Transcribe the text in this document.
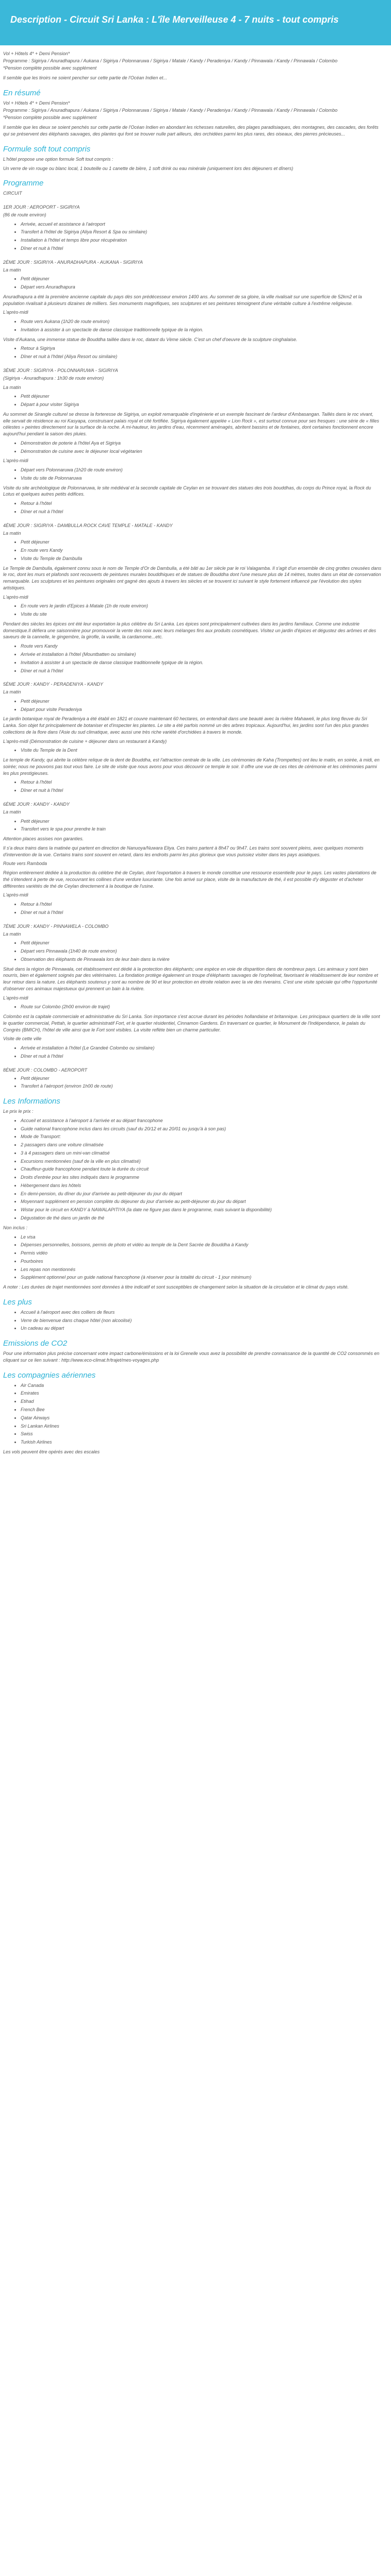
Description - Circuit Sri Lanka : L'île Merveilleuse 4 - 7 nuits - tout compris

Vol + Hôtels 4* + Demi Pension*

Programme : Sigiriya / Anuradhapura / Aukana / Sigiriya / Polonnaruwa / Sigiriya / Matale / Kandy / Peradeniya / Kandy / Pinnawala / Kandy / Pinnawala / Colombo

*Pension complète possible avec supplément

Il semble que les tiroirs ne soient pencher sur cette partie de l'Océan Indien et...

En résumé

Vol + Hôtels 4* + Demi Pension*

Programme : Sigiriya / Anuradhapura / Aukana / Sigiriya / Polonnaruwa / Sigiriya / Matale / Kandy / Peradeniya / Kandy / Pinnawala / Kandy / Pinnawala / Colombo

*Pension complète possible avec supplément

Il semble que les dieux se soient penchés sur cette partie de l'Océan Indien en abondant les richesses naturelles, des plages paradisiaques, des montagnes, des cascades, des forêts qui se préservent des éléphants sauvages, des plantes qui font se trouver nulle part ailleurs, des orchidées parmi les plus rares, des oiseaux, des pierres précieuses...

Formule soft tout compris

L'hôtel propose une option formule Soft tout compris :

Un verre de vin rouge ou blanc local, 1 bouteille ou 1 canette de bière, 1 soft drink ou eau minérale (uniquement lors des déjeuners et dîners)

Programme
CIRCUIT
1ER JOUR : AEROPORT - SIGIRIYA

(86 de route environ)

• Arrivée, accueil et assistance à l'aéroport
• Transfert à l'hôtel de Sigiriya (Aliya Resort & Spa ou similaire)
• Installation à l'hôtel et temps libre pour récupération
• Dîner et nuit à l'hôtel
2ÈME JOUR : SIGIRIYA - ANURADHAPURA - AUKANA - SIGIRIYA

La matin

• Petit déjeuner
• Départ vers Anuradhapura

Anuradhapura a été la première ancienne capitale du pays dès son prédécesseur environ 1400 ans. Au sommet de sa gloire, la ville rivalisait sur une superficie de 52km2 et la population rivalisait à plusieurs dizaines de milliers. Ses monuments magnifiques, ses sculptures et ses peintures témoignent d'une véritable culture à l'extrême religieuse.

L'après-midi

• Route vers Aukana (1h20 de route environ)
• Invitation à assister à un spectacle de danse classique traditionnelle typique de la région.

Visite d'Aukana, une immense statue de Bouddha taillée dans le roc, datant du Vème siècle. C'est un chef d'oeuvre de la sculpture cinghalaise.

• Retour à Sigiriya
• Dîner et nuit à l'hôtel (Aliya Resort ou similaire)
3ÈME JOUR : SIGIRIYA - POLONNARUWA - SIGIRIYA

(Sigiriya - Anuradhapura : 1h30 de route environ)

La matin

• Petit déjeuner
• Départ à pour visiter Sigiriya

Au sommet de Sirangle culturel se dresse la forteresse de Sigiriya, un exploit remarquable d'ingénierie et un exemple fascinant de l'ardeur d'Ambasangan. Taillés dans le roc vivant, elle servait de résidence au roi Kasyapa, construisant palais royal et cité fortifiée. Sigiriya également appelée « Lion Rock », est surtout connue pour ses fresques : une série de « filles célestes » peintes directement sur la surface de la roche. A mi-hauteur, les jardins d'eau, récemment aménagés, abritent bassins et de fontaines, dont certaines fonctionnent encore aujourd'hui pendant la saison des pluies.

• Démonstration de poterie à l'hôtel Aya et Sigiriya
• Démonstration de cuisine avec le déjeuner local végétarien

L'après-midi

• Départ vers Polonnaruwa (1h20 de route environ)
• Visite du site de Polonnaruwa

Visite du site archéologique de Polonnaruwa, le site médiéval et la seconde capitale de Ceylan en se trouvant des statues des trois bouddhas, du corps du Prince royal, la Rock du Lotus et quelques autres petits édifices.

• Retour à l'hôtel
• Dîner et nuit à l'hôtel
4ÈME JOUR : SIGIRIYA - DAMBULLA ROCK CAVE TEMPLE - MATALE - KANDY

La matin

• Petit déjeuner
• En route vers Kandy
• Visite du Temple de Dambulla

Le Temple de Dambulla, également connu sous le nom de Temple d'Or de Dambulla, a été bâti au 1er siècle par le roi Valagamba. Il s'agit d'un ensemble de cinq grottes creusées dans le roc, dont les murs et plafonds sont recouverts de peintures murales bouddhiques et de statues de Bouddha dont l'une mesure plus de 14 mètres, toutes dans un état de conservation remarquable. Les sculptures et les peintures originales ont gagné des ajouts à travers les siècles et se trouvent ici suivant le style fortement influencé par l'évolution des styles artistiques.

L'après-midi

• En route vers le jardin d'Epices à Matale (1h de route environ)
• Visite du site

Pendant des siècles les épices ont été leur exportation la plus célèbre du Sri Lanka. Les épices sont principalement cultivées dans les jardins familiaux. Comme une industrie domestique.Il défiera une saisonnière pour promouvoir la vente des noix avec leurs mélanges fins aux produits cosmétiques. Visitez un jardin d'épices et dégustez des arômes et des saveurs de la cannelle, le gingembre, la girofle, la vanille, la cardamome...etc.

• Route vers Kandy
• Arrivée et installation à l'hôtel (Mountbatten ou similaire)
• Invitation à assister à un spectacle de danse classique traditionnelle typique de la région.
• Dîner et nuit à l'hôtel
5ÈME JOUR : KANDY - PERADENIYA - KANDY

La matin

• Petit déjeuner
• Départ pour visite Peradeniya

Le jardin botanique royal de Peradeniya a été établi en 1821 et couvre maintenant 60 hectares, on entendrait dans une beauté avec la rivière Mahaweli, le plus long fleuve du Sri Lanka. Son objet fut principalement de botaniser et d'inspecter les plantes. Le site a été parfois nommé un des arbres tropicaux. Aujourd'hui, les jardins sont l'un des plus grandes collections de la flore dans l'Asie du sud climatique, avec aussi une très riche variété d'orchidées à travers le monde.

L'après-midi (Démonstration de cuisine + déjeuner dans un restaurant à Kandy)

• Visite du Temple de la Dent

Le temple de Kandy, qui abrite la célèbre relique de la dent de Bouddha, est l'attraction centrale de la ville. Les cérémonies de Kaha (Trompettes) ont lieu le matin, en soirée, à midi, en soirée; nous ne pouvons pas tout vous faire. Le site de visite que nous avons pour vous découvrir ce temple le soir. Il offre une vue de ces rites de cérémonie et les cérémonies parmi les plus prestigieuses.

• Retour à l'hôtel
• Dîner et nuit à l'hôtel
6ÈME JOUR : KANDY - KANDY

La matin

• Petit déjeuner
• Transfert vers le spa pour prendre le train

Attention places assises non garanties.

Il s'a deux trains dans la matinée qui partent en direction de Nanuoya/Nuwara Eliya. Ces trains partent à 8h47 ou 9h47. Les trains sont souvent pleins, avec quelques moments d'intervention de la vue. Certains trains sont souvent en retard, dans les endroits parmi les plus glorieux que vous puissiez visiter dans les pays asiatiques.

Route vers Ramboda

Région entièrement dédiée à la production du célèbre thé de Ceylan, dont l'exportation à travers le monde constitue une ressource essentielle pour le pays. Les vastes plantations de thé s'étendent à perte de vue, recouvrant les collines d'une verdure luxuriante. Une fois arrivé sur place, visite de la manufacture de thé, il est possible d'y déguster et d'acheter différentes variétés de thé de Ceylan directement à la boutique de l'usine.

L'après-midi

• Retour à l'hôtel
• Dîner et nuit à l'hôtel
7ÈME JOUR : KANDY - PINNAWELA - COLOMBO

La matin

• Petit déjeuner
• Départ vers Pinnawala (1h40 de route environ)
• Observation des éléphants de Pinnawala lors de leur bain dans la rivière

Situé dans la région de Pinnawala, cet établissement est dédié à la protection des éléphants; une espèce en voie de disparition dans de nombreux pays. Les animaux y sont bien nourris, bien et également soignés par des vétérinaires. La fondation protège également un troupe d'éléphants sauvages de l'orphelinat, favorisant le rétablissement de leur nombre et leur retour dans la nature. Les éléphants soutenus y sont au nombre de 90 et leur protection en étroite relation avec la vie des riverains. C'est une visite spéciale qui offre l'opportunité d'observer ces animaux majestueux qui prennent un bain à la rivière.

L'après-midi

• Route sur Colombo (2h00 environ de trajet)

Colombo est la capitale commerciale et administrative du Sri Lanka. Son importance s'est accrue durant les périodes hollandaise et britannique. Les principaux quartiers de la ville sont le quartier commercial, Pettah, le quartier administratif Fort, et le quartier résidentiel, Cinnamon Gardens. En traversant ce quartier, le Monument de l'Indépendance, le palais du Congrès (BMICH), l'hôtel de ville ainsi que le Fort sont visibles. La visite reflète bien un charme particulier.

Visite de cette ville

• Arrivée et installation à l'hôtel (Le Grandeé Colombo ou similaire)
• Dîner et nuit à l'hôtel
8ÈME JOUR : COLOMBO - AEROPORT
• Petit déjeuner
• Transfert à l'aéroport (environ 1h00 de route)
Les Informations

Le prix le prix :

• Accueil et assistance à l'aéroport à l'arrivée et au départ francophone
• Guide national francophone inclus dans les circuits (sauf du 20/12 et au 20/01 ou jusqu'à à son pas)
• Mode de Transport:
• 2 passagers dans une voiture climatisée
• 3 à 4 passagers dans un mini-van climatisé
• Excursions mentionnées (sauf de la ville en plus climatisé)
• Chauffeur-guide francophone pendant toute la durée du circuit
• Droits d'entrée pour les sites indiqués dans le programme
• Hébergement dans les hôtels
• En demi-pension, du dîner du jour d'arrivée au petit-déjeuner du jour du départ
• Moyennant supplément en pension complète du déjeuner du jour d'arrivée au petit-déjeuner du jour du départ
• Wistar pour le circuit en KANDY à NAWALAPITIYA (la date ne figure pas dans le programme, mais suivant la disponibilité)
• Dégustation de thé dans un jardin de thé

Non inclus :

• Le visa
• Dépenses personnelles, boissons, permis de photo et vidéo au temple de la Dent Sacrée de Bouddha à Kandy
• Permis vidéo
• Pourboires
• Les repas non mentionnés
• Supplément optionnel pour un guide national francophone (à réserver pour la totalité du circuit - 1 jour minimum)

A noter : Les durées de trajet mentionnées sont données à titre indicatif et sont susceptibles de changement selon la situation de la circulation et le climat du pays visité.

Les plus
• Accueil à l'aéroport avec des colliers de fleurs
• Verre de bienvenue dans chaque hôtel (non alcoolisé)
• Un cadeau au départ
Emissions de CO2

Pour une information plus précise concernant votre impact carbone/émissions et la loi Grenelle vous avez la possibilité de prendre connaissance de la quantité de CO2 consommés en cliquant sur ce lien suivant : http://www.eco-climat.fr/trajet/mes-voyages.php

Les compagnies aériennes
• Air Canada
• Emirates
• Etihad
• French Bee
• Qatar Airways
• Sri Lankan Airlines
• Swiss
• Turkish Airlines

Les vols peuvent être opérés avec des escales
